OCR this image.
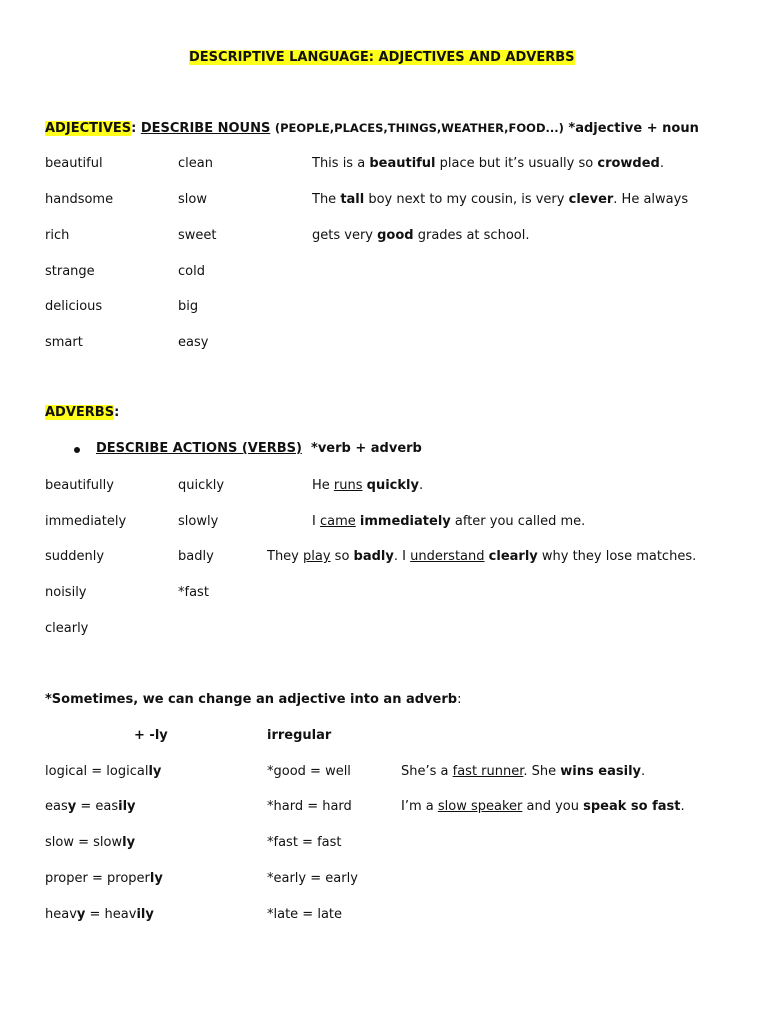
DESCRIPTIVE LANGUAGE: ADJECTIVES AND ADVERBS
ADJECTIVES: DESCRIBE NOUNS (PEOPLE,PLACES,THINGS,WEATHER,FOOD...) *adjective + noun
beautiful
handsome
rich
strange
delicious
smart
clean
slow
sweet
cold
big
easy
This is a beautiful place but it’s usually so crowded.
The tall boy next to my cousin, is very clever. He always
gets very good grades at school.
ADVERBS:
DESCRIBE ACTIONS (VERBS) *verb + adverb
beautifully
immediately
suddenly
noisily
clearly
quickly
slowly
badly
*fast
He runs quickly.
I came immediately after you called me.
They play so badly. I understand clearly why they lose matches.
*Sometimes, we can change an adjective into an adverb:
+ -ly	irregular
logical = logically
easy = easily
slow = slowly
proper = properly
heavy = heavily
*good = well
*hard = hard
*fast = fast
*early = early
*late = late
She’s a fast runner. She wins easily.
I’m a slow speaker and you speak so fast.
